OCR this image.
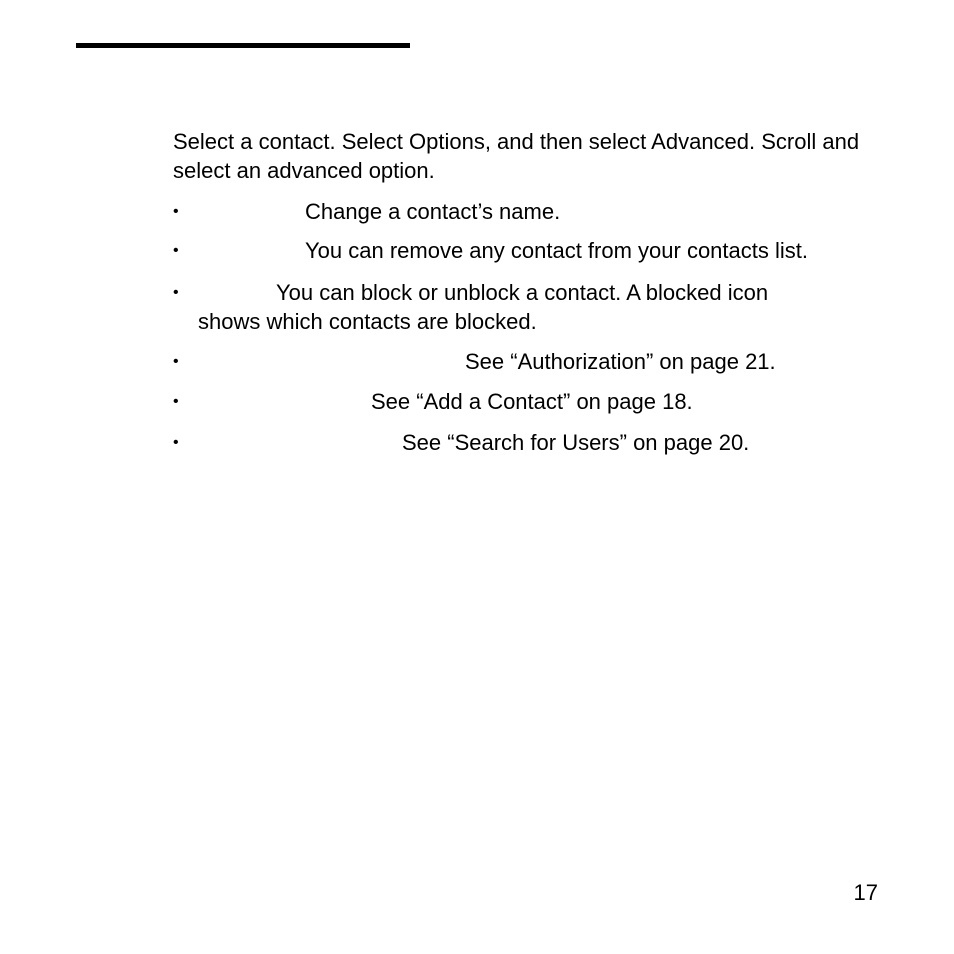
Select a contact. Select Options, and then select Advanced. Scroll and select an advanced option.

•	Change a contact’s name.
•	You can remove any contact from your contacts list.
•	You can block or unblock a contact. A blocked icon
shows which contacts are blocked.
•	See “Authorization” on page 21.
•	See “Add a Contact” on page 18.
•	See “Search for Users” on page 20.
17
